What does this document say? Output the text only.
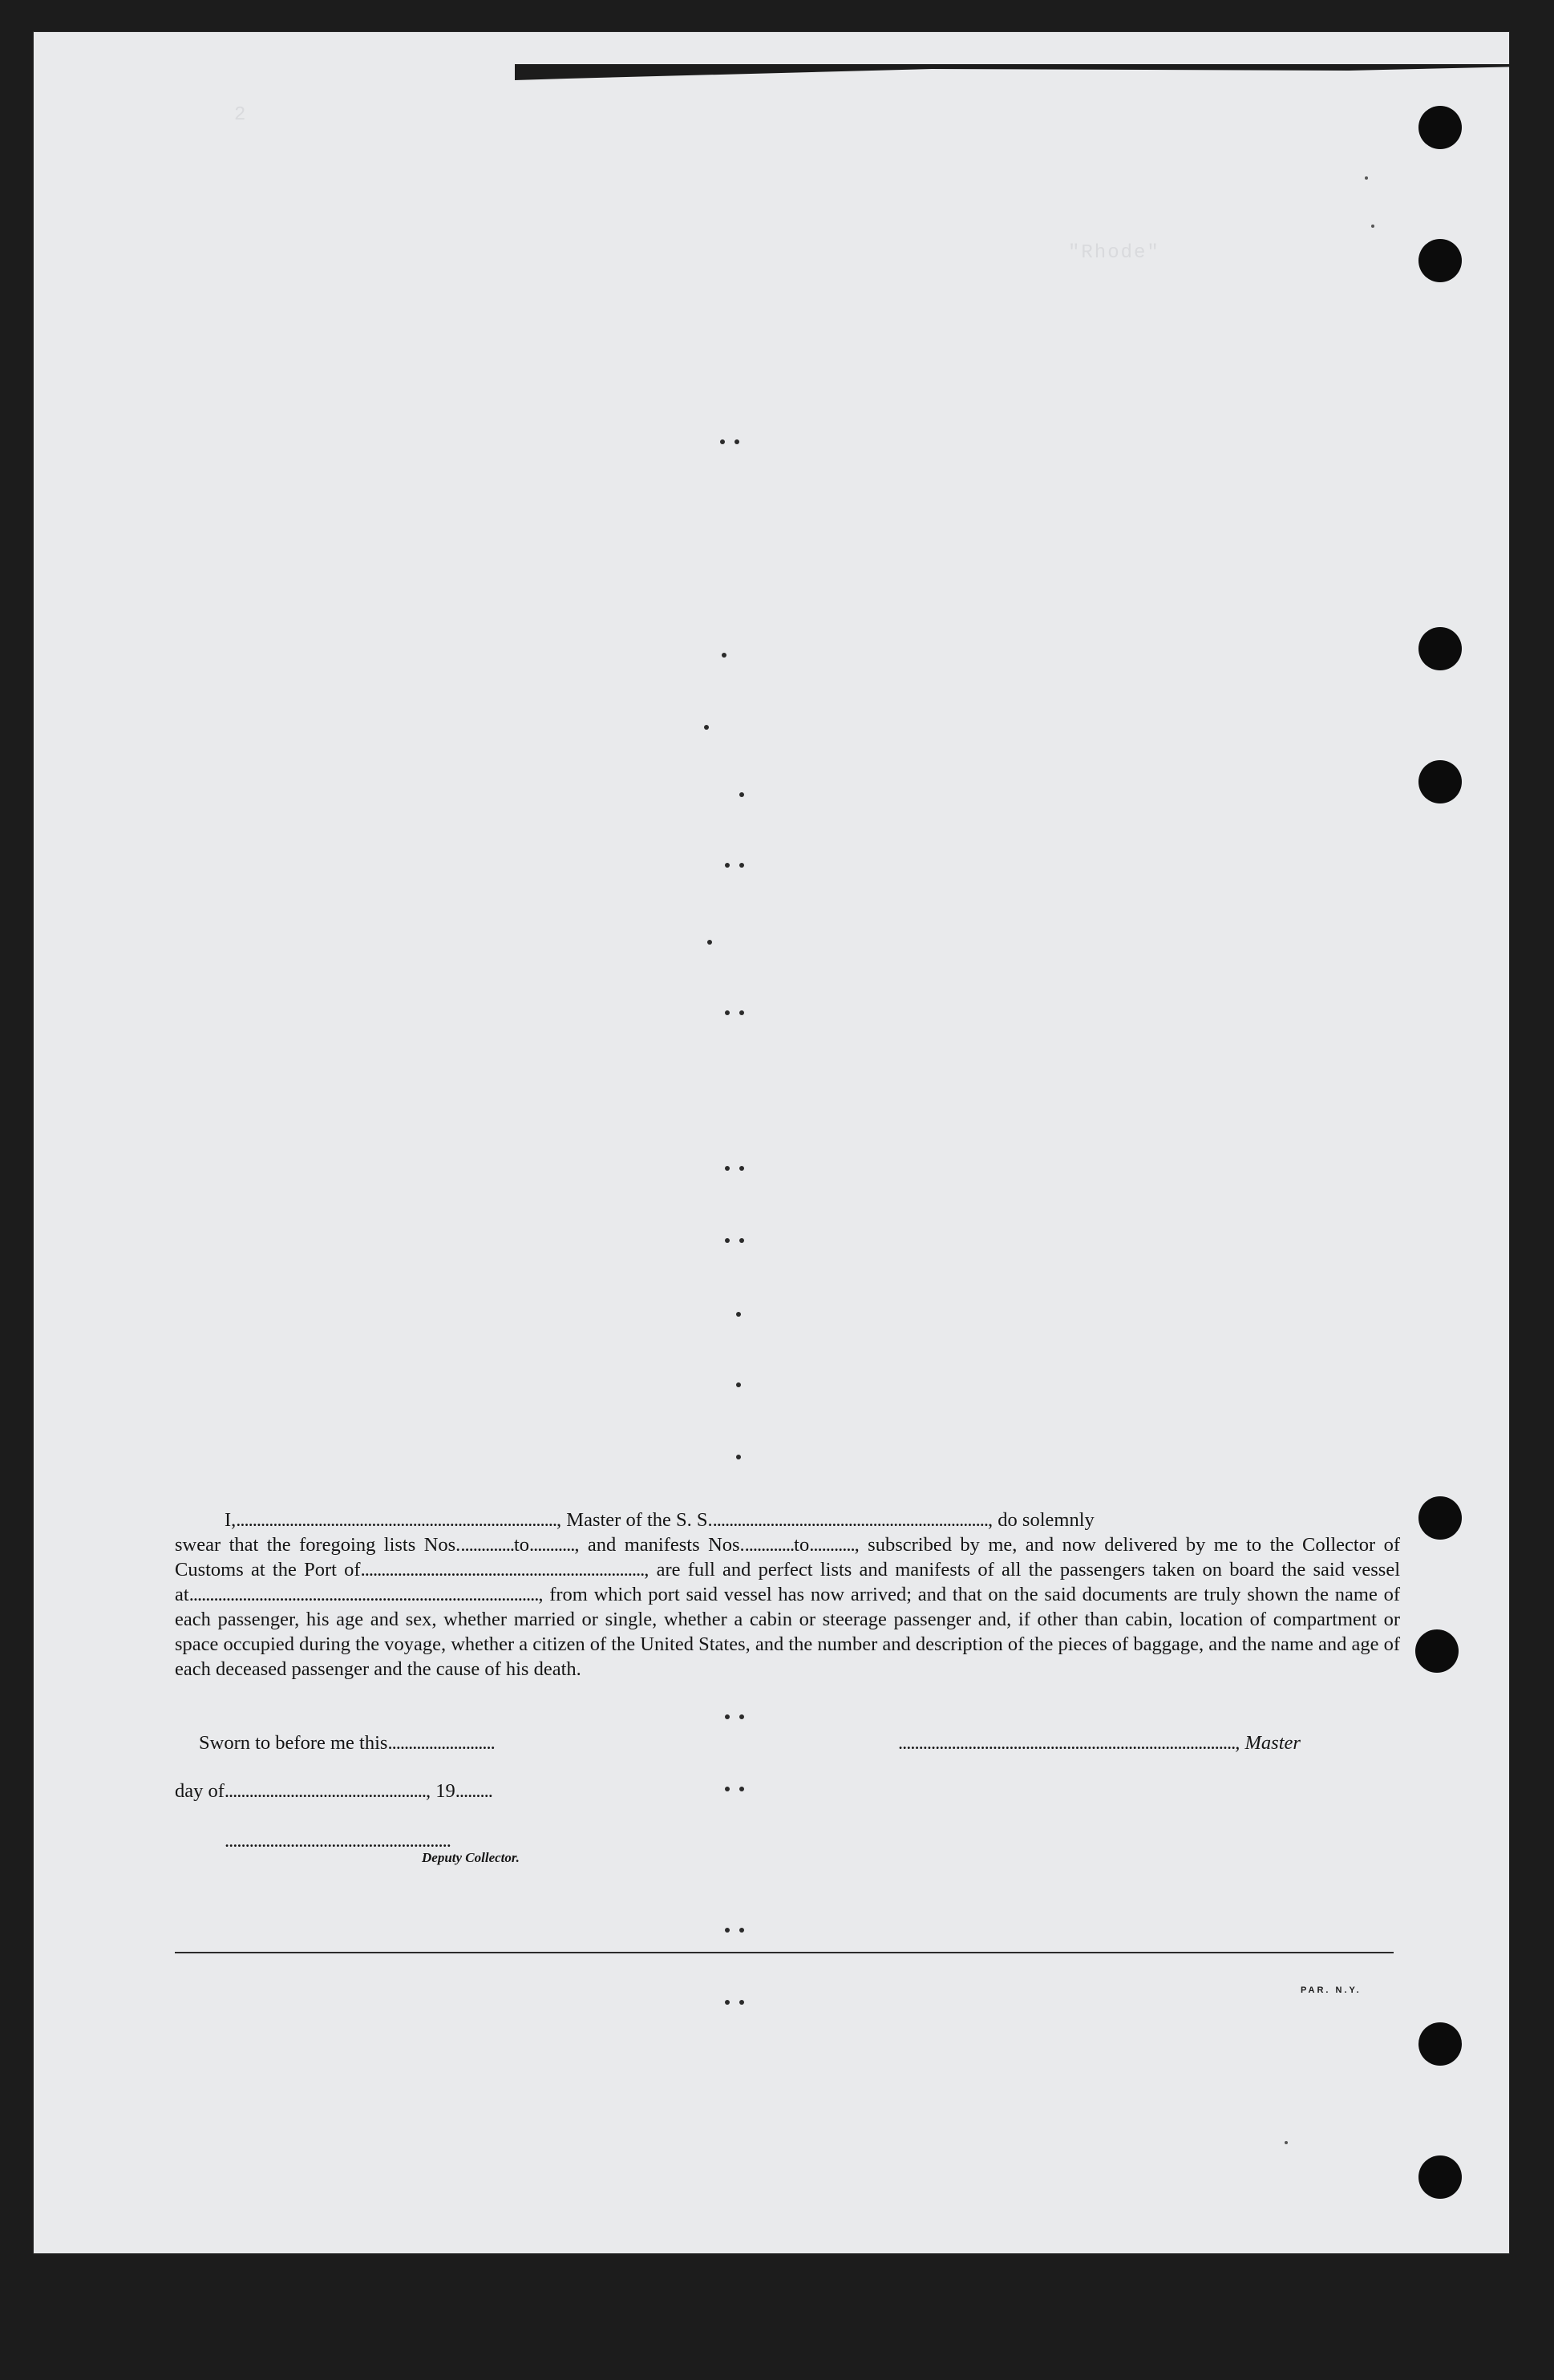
2
"Rhode"

I,.............................................................................., Master of the S. S...................................................................., do solemnly

swear that the foregoing lists Nos..............to..........., and manifests Nos.............to..........., subscribed by me, and now delivered by me to the Collector of Customs at the Port of....................................................................., are full and perfect lists and manifests of all the passengers taken on board the said vessel at....................................................................................., from which port said vessel has now arrived; and that on the said documents are truly shown the name of each passenger, his age and sex, whether married or single, whether a cabin or steerage passenger and, if other than cabin, location of compartment or space occupied during the voyage, whether a citizen of the United States, and the number and description of the pieces of baggage, and the name and age of each deceased passenger and the cause of his death.
Sworn to before me this..........................	.................................................................................., Master
day of................................................., 19.........
.......................................................
Deputy Collector.
PAR. N.Y.
